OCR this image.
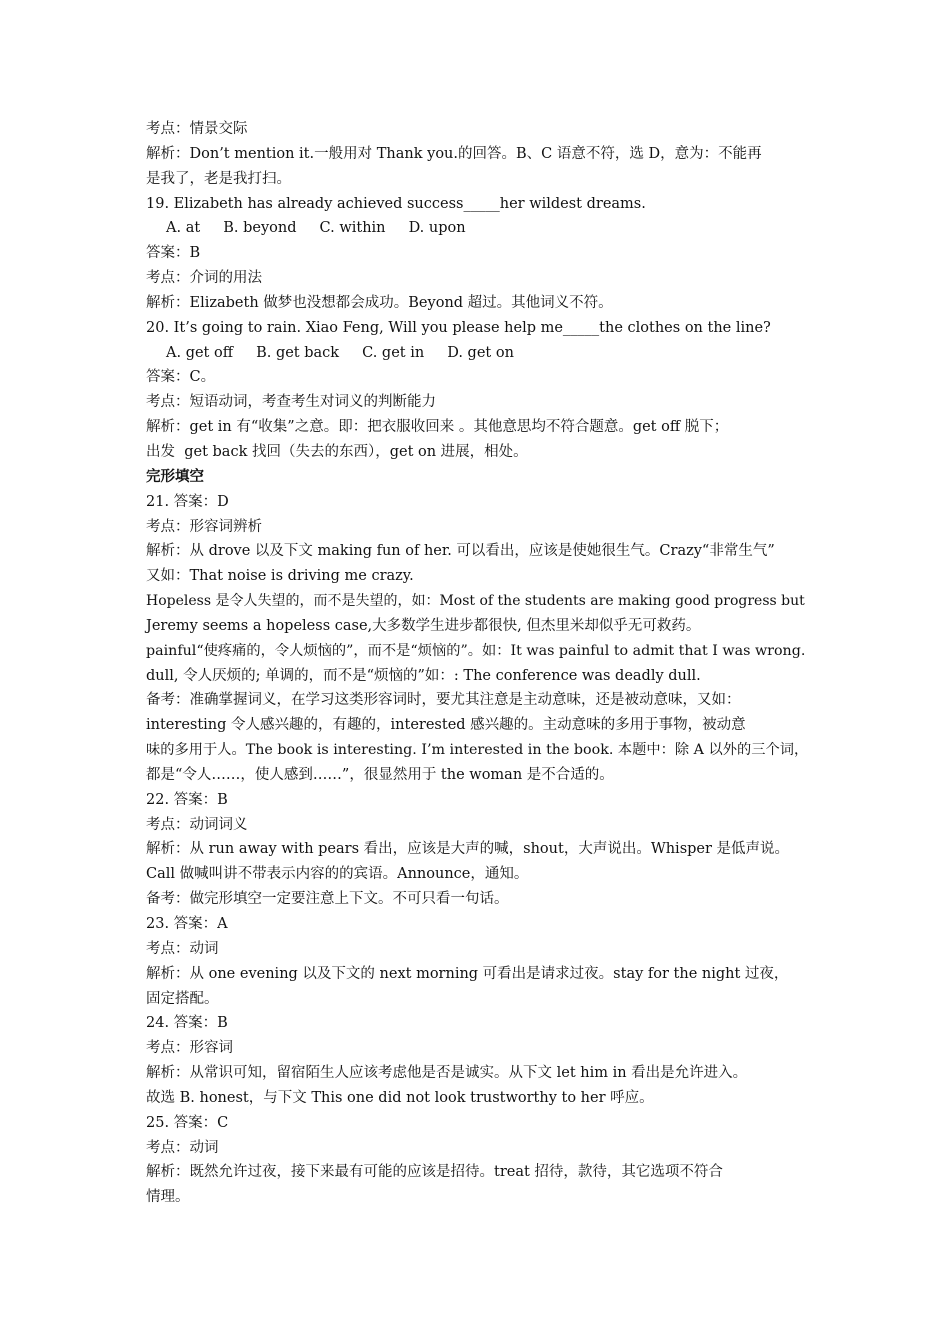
考点：情景交际
解析：Don’t mention it.一般用对 Thank you.的回答。B、C 语意不符，选 D，意为：不能再
是我了，老是我打扫。
19. Elizabeth has already achieved success_____her wildest dreams.
A. at     B. beyond     C. within     D. upon
答案：B
考点：介词的用法
解析：Elizabeth 做梦也没想都会成功。Beyond 超过。其他词义不符。
20. It’s going to rain. Xiao Feng, Will you please help me_____the clothes on the line?
A. get off     B. get back     C. get in     D. get on
答案：C。
考点：短语动词，考查考生对词义的判断能力
解析：get in 有“收集”之意。即：把衣服收回来 。其他意思均不符合题意。get off 脱下；
出发  get back 找回（失去的东西），get on 进展，相处。
完形填空
21. 答案：D
考点：形容词辨析
解析：从 drove 以及下文 making fun of her. 可以看出，应该是使她很生气。Crazy“非常生气”
又如：That noise is driving me crazy.
Hopeless 是令人失望的，而不是失望的，如：Most of the students are making good progress but
Jeremy seems a hopeless case,大多数学生进步都很快, 但杰里米却似乎无可救药。
painful“使疼痛的，令人烦恼的”，而不是“烦恼的”。如：It was painful to admit that I was wrong.
dull, 令人厌烦的; 单调的，而不是“烦恼的”如：: The conference was deadly dull.
备考：准确掌握词义，在学习这类形容词时，要尤其注意是主动意味，还是被动意味，又如：
interesting 令人感兴趣的，有趣的，interested 感兴趣的。主动意味的多用于事物，被动意
味的多用于人。The book is interesting. I’m interested in the book. 本题中：除 A 以外的三个词，
都是“令人……，使人感到……”，很显然用于 the woman 是不合适的。
22. 答案：B
考点：动词词义
解析：从 run away with pears 看出，应该是大声的喊，shout，大声说出。Whisper 是低声说。
Call 做喊叫讲不带表示内容的的宾语。Announce，通知。
备考：做完形填空一定要注意上下文。不可只看一句话。
23. 答案：A
考点：动词
解析：从 one evening 以及下文的 next morning 可看出是请求过夜。stay for the night 过夜，
固定搭配。
24. 答案：B
考点：形容词
解析：从常识可知，留宿陌生人应该考虑他是否是诚实。从下文 let him in 看出是允许进入。
故选 B. honest，与下文 This one did not look trustworthy to her 呼应。
25. 答案：C
考点：动词
解析：既然允许过夜，接下来最有可能的应该是招待。treat 招待，款待，其它选项不符合
情理。
